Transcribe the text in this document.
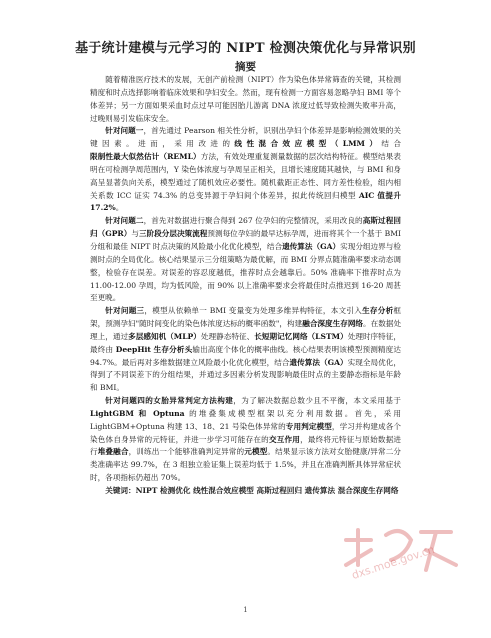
基于统计建模与元学习的 NIPT 检测决策优化与异常识别
摘要

随着精准医疗技术的发展，无创产前检测（NIPT）作为染色体异常筛查的关键，其检测精度和时点选择影响着临床效果和孕妇安全。然而，现有检测一方面容易忽略孕妇 BMI 等个体差异；另一方面如果采血时点过早可能因胎儿游离 DNA 浓度过低导致检测失败率升高，过晚则易引发临床安全。

针对问题一，首先通过 Pearson 相关性分析，识别出孕妇个体差异是影响检测效果的关键因素。进而，采用改进的线性混合效应模型（LMM）结合限制性最大似然估计（REML）方法，有效处理重复测量数据的层次结构特征。模型结果表明在可检测孕周范围内，Y 染色体浓度与孕周呈正相关，且增长速度随其越快，与 BMI 和身高呈显著负向关系，模型通过了随机效应必要性。随机截距正态性、同方差性检验，组内相关系数 ICC 证实 74.3% 的总变异源于孕妇间个体差异，拟此传统回归模型 AIC 值提升 17.2%。

针对问题二，首先对数据进行聚合得到 267 位孕妇的完整情况，采用改良的高斯过程回归（GPR）与三阶段分层决策流程预测每位孕妇的最早达标孕周，进而将其个一个基于 BMI 分组和最佳 NIPT 时点决策的风险最小化优化模型，结合遗传算法（GA）实现分组边界与检测时点的全局优化。核心结果显示三分组策略为最优解，而 BMI 分界点随准确率要求动态调整，检验存在误差。对误差的容忍度越低，推荐时点会越靠后。50% 准确率下推荐时点为 11.00-12.00 孕周，均为低风险，而 90% 以上准确率要求会将最佳时点推迟到 16-20 周甚至更晚。

针对问题三，模型从依赖单一 BMI 变量变为处理多维异构特征，本文引入生存分析框架，预测孕妇"随时间变化的染色体浓度达标的概率函数"，构建融合深度生存网络。在数据处理上，通过多层感知机（MLP）处理静态特征、长短期记忆网络（LSTM）处理时序特征，最终由 DeepHit 生存分析头输出高度个体化的概率曲线。核心结果表明该模型预测精度达 94.7%。最后再对多维数据建立风险最小化优化模型，结合遗传算法（GA）实现全局优化，得到了不同误差下的分组结果，并通过多因素分析发现影响最佳时点的主要静态指标是年龄和 BMI。

针对问题四的女胎异常判定方法构建，为了解决数据总数少且不平衡，本文采用基于 LightGBM 和 Optuna 的堆叠集成模型框架以充分利用数据。首先，采用 LightGBM+Optuna 构建 13、18、21 号染色体异常的专用判定模型，学习并构建成各个染色体自身异常的元特征，并进一步学习可能存在的交互作用，最终将元特征与原始数据进行堆叠融合，训练出一个能够准确判定异常的元模型。结果显示该方法对女胎健康/异常二分类准确率达 99.7%，在 3 组独立验证集上误差均低于 1.5%，并且在准确判断具体异常症状时，各项指标仍超出 70%。

关键词：NIPT 检测优化 线性混合效应模型 高斯过程回归 遗传算法 混合深度生存网络

dxs.moe.gov.cn
1
